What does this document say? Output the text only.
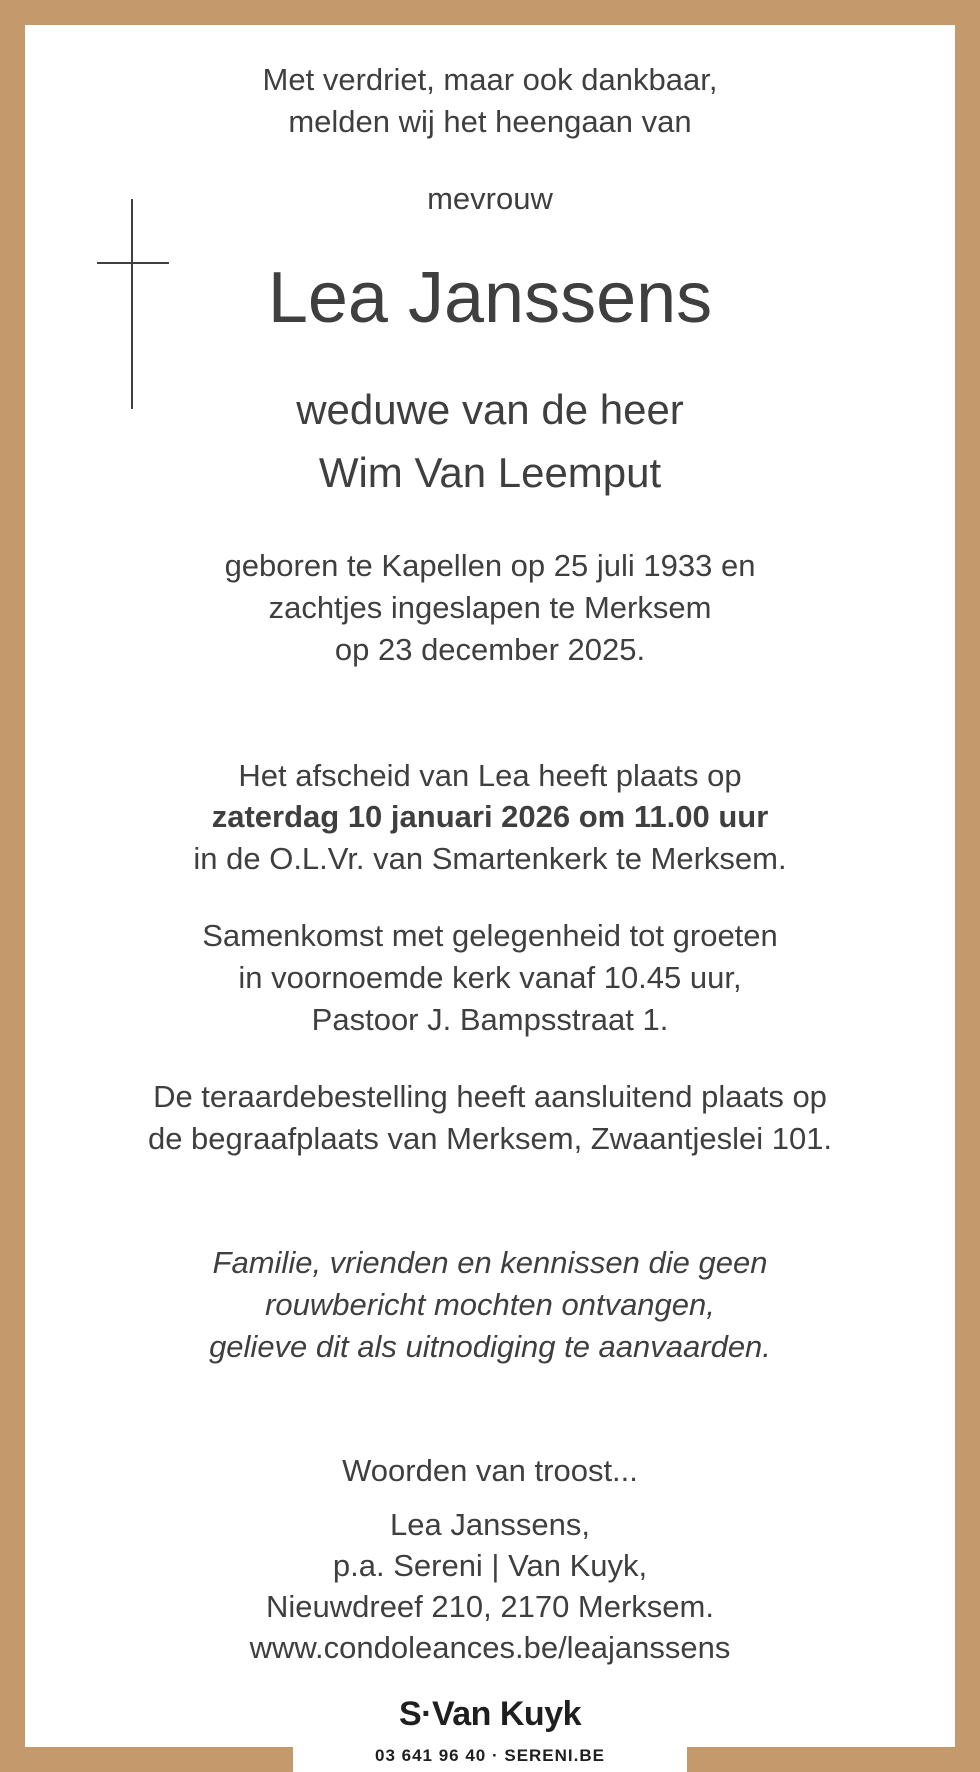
Met verdriet, maar ook dankbaar,
melden wij het heengaan van
mevrouw
Lea Janssens
weduwe van de heer
Wim Van Leemput
geboren te Kapellen op 25 juli 1933 en
zachtjes ingeslapen te Merksem
op 23 december 2025.
Het afscheid van Lea heeft plaats op
zaterdag 10 januari 2026 om 11.00 uur
in de O.L.Vr. van Smartenkerk te Merksem.
Samenkomst met gelegenheid tot groeten
in voornoemde kerk vanaf 10.45 uur,
Pastoor J. Bampsstraat 1.
De teraardebestelling heeft aansluitend plaats op
de begraafplaats van Merksem, Zwaantjeslei 101.
Familie, vrienden en kennissen die geen
rouwbericht mochten ontvangen,
gelieve dit als uitnodiging te aanvaarden.
Woorden van troost...
Lea Janssens,
p.a. Sereni | Van Kuyk,
Nieuwdreef 210, 2170 Merksem.
www.condoleances.be/leajanssens
S·Van Kuyk
03 641 96 40 · SERENI.BE
